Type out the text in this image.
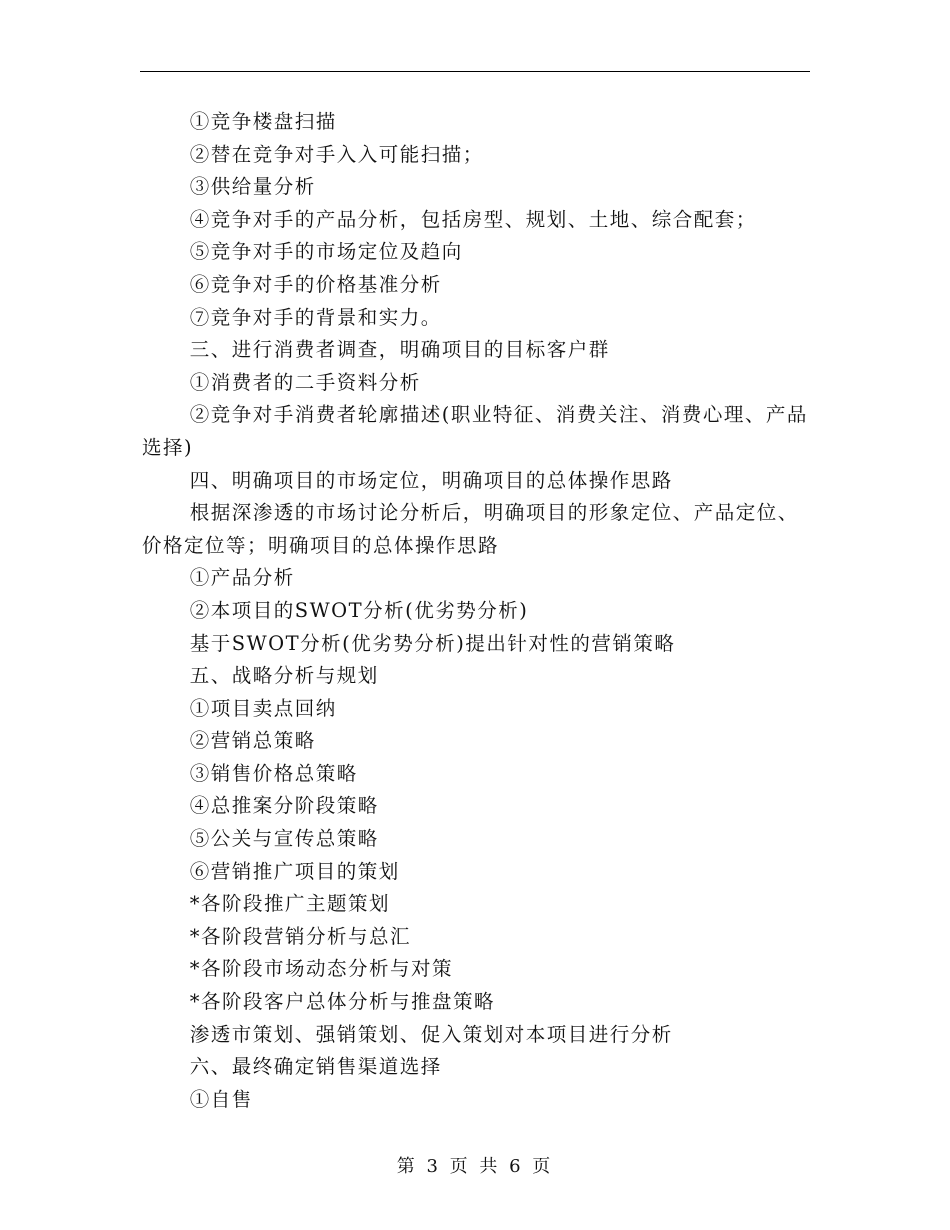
①竞争楼盘扫描
②替在竞争对手入入可能扫描；
③供给量分析
④竞争对手的产品分析，包括房型、规划、土地、综合配套；
⑤竞争对手的市场定位及趋向
⑥竞争对手的价格基准分析
⑦竞争对手的背景和实力。
三、进行消费者调查，明确项目的目标客户群
①消费者的二手资料分析
②竞争对手消费者轮廓描述(职业特征、消费关注、消费心理、产品选择)
四、明确项目的市场定位，明确项目的总体操作思路
根据深渗透的市场讨论分析后，明确项目的形象定位、产品定位、价格定位等；明确项目的总体操作思路
①产品分析
②本项目的SWOT分析(优劣势分析)
基于SWOT分析(优劣势分析)提出针对性的营销策略
五、战略分析与规划
①项目卖点回纳
②营销总策略
③销售价格总策略
④总推案分阶段策略
⑤公关与宣传总策略
⑥营销推广项目的策划
*各阶段推广主题策划
*各阶段营销分析与总汇
*各阶段市场动态分析与对策
*各阶段客户总体分析与推盘策略
渗透市策划、强销策划、促入策划对本项目进行分析
六、最终确定销售渠道选择
①自售
第 3 页 共 6 页
